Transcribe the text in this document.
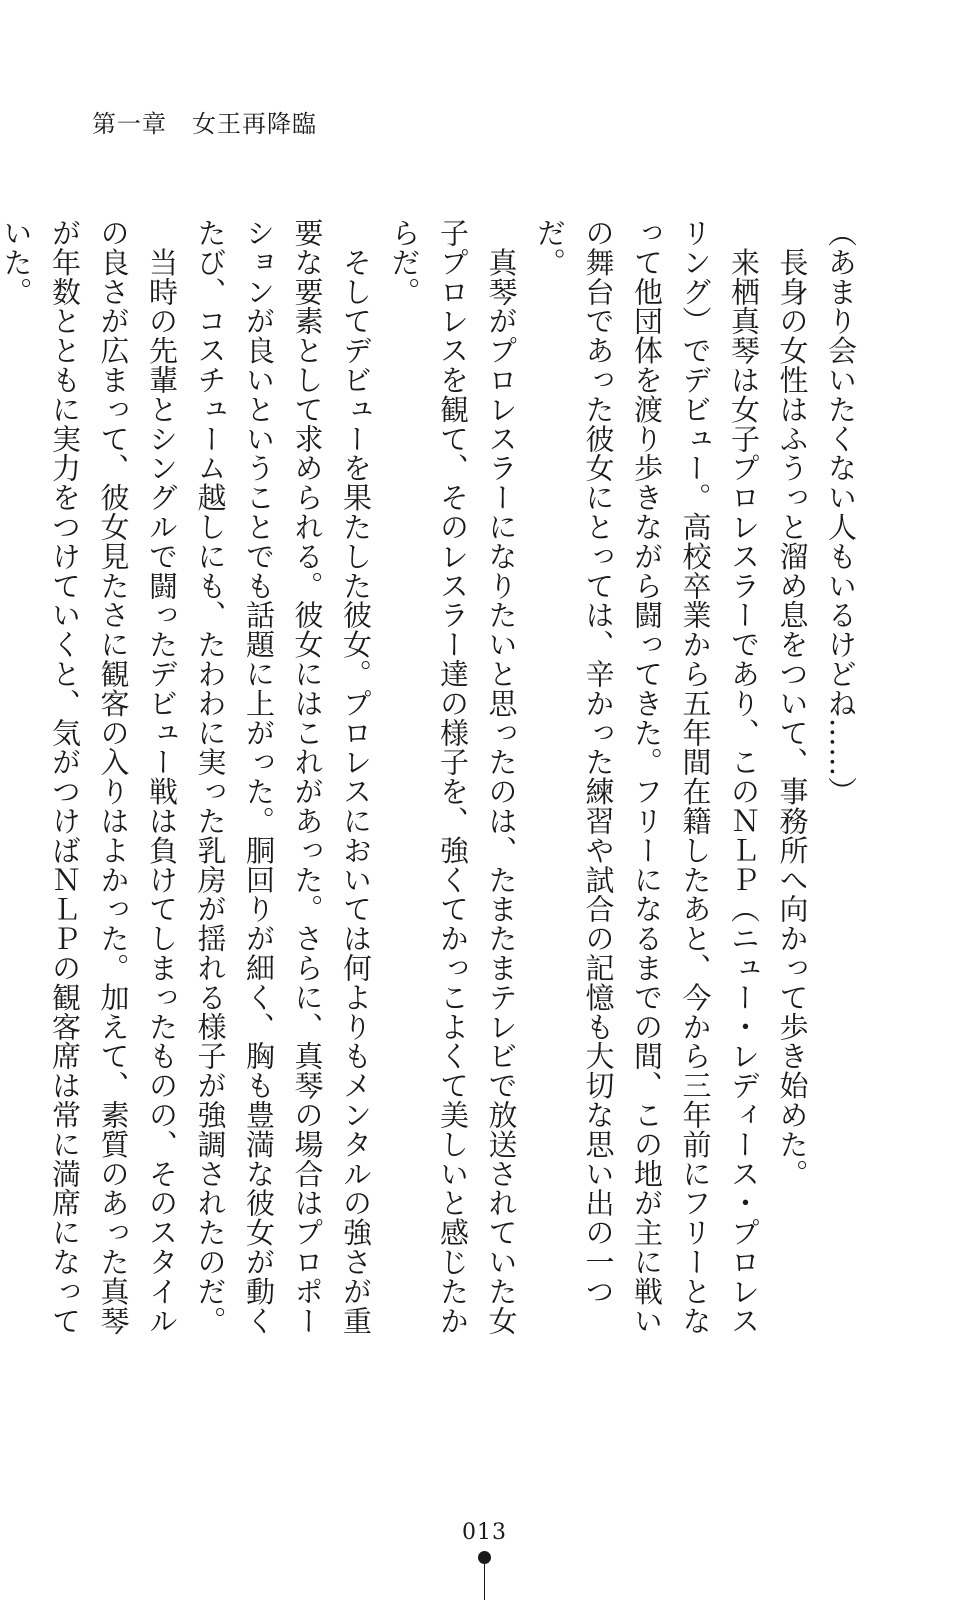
第一章　女王再降臨

（あまり会いたくない人もいるけどね……）

　長身の女性はふうっと溜め息をついて、事務所へ向かって歩き始めた。

　来栖真琴は女子プロレスラーであり、このＮＬＰ（ニュー・レディース・プロレスリング）でデビュー。高校卒業から五年間在籍したあと、今から三年前にフリーとなって他団体を渡り歩きながら闘ってきた。フリーになるまでの間、この地が主に戦いの舞台であった彼女にとっては、辛かった練習や試合の記憶も大切な思い出の一つだ。

　真琴がプロレスラーになりたいと思ったのは、たまたまテレビで放送されていた女子プロレスを観て、そのレスラー達の様子を、強くてかっこよくて美しいと感じたからだ。

　そしてデビューを果たした彼女。プロレスにおいては何よりもメンタルの強さが重要な要素として求められる。彼女にはこれがあった。さらに、真琴の場合はプロポーションが良いということでも話題に上がった。胴回りが細く、胸も豊満な彼女が動くたび、コスチューム越しにも、たわわに実った乳房が揺れる様子が強調されたのだ。

　当時の先輩とシングルで闘ったデビュー戦は負けてしまったものの、そのスタイルの良さが広まって、彼女見たさに観客の入りはよかった。加えて、素質のあった真琴が年数とともに実力をつけていくと、気がつけばＮＬＰの観客席は常に満席になっていた。

013
